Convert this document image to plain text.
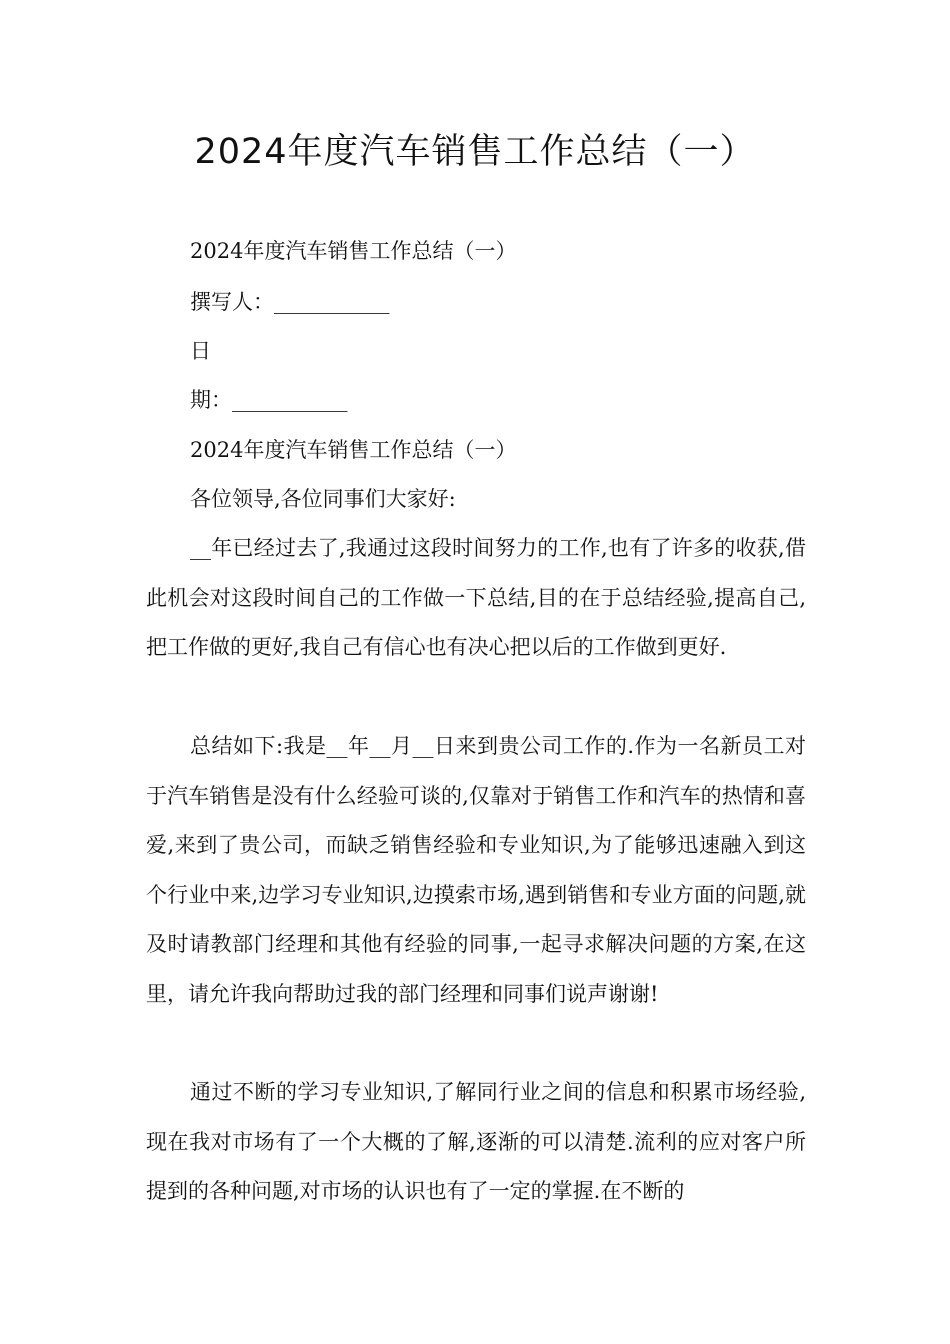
2024年度汽车销售工作总结（一）
2024年度汽车销售工作总结（一）
撰写人：___________
日
期：___________
2024年度汽车销售工作总结（一）
各位领导,各位同事们大家好:

__年已经过去了,我通过这段时间努力的工作,也有了许多的收获,借此机会对这段时间自己的工作做一下总结,目的在于总结经验,提高自己,把工作做的更好,我自己有信心也有决心把以后的工作做到更好.

总结如下:我是__年__月__日来到贵公司工作的.作为一名新员工对于汽车销售是没有什么经验可谈的,仅靠对于销售工作和汽车的热情和喜爱,来到了贵公司，而缺乏销售经验和专业知识,为了能够迅速融入到这个行业中来,边学习专业知识,边摸索市场,遇到销售和专业方面的问题,就及时请教部门经理和其他有经验的同事,一起寻求解决问题的方案,在这里，请允许我向帮助过我的部门经理和同事们说声谢谢!

通过不断的学习专业知识,了解同行业之间的信息和积累市场经验,现在我对市场有了一个大概的了解,逐渐的可以清楚.流利的应对客户所提到的各种问题,对市场的认识也有了一定的掌握.在不断的
